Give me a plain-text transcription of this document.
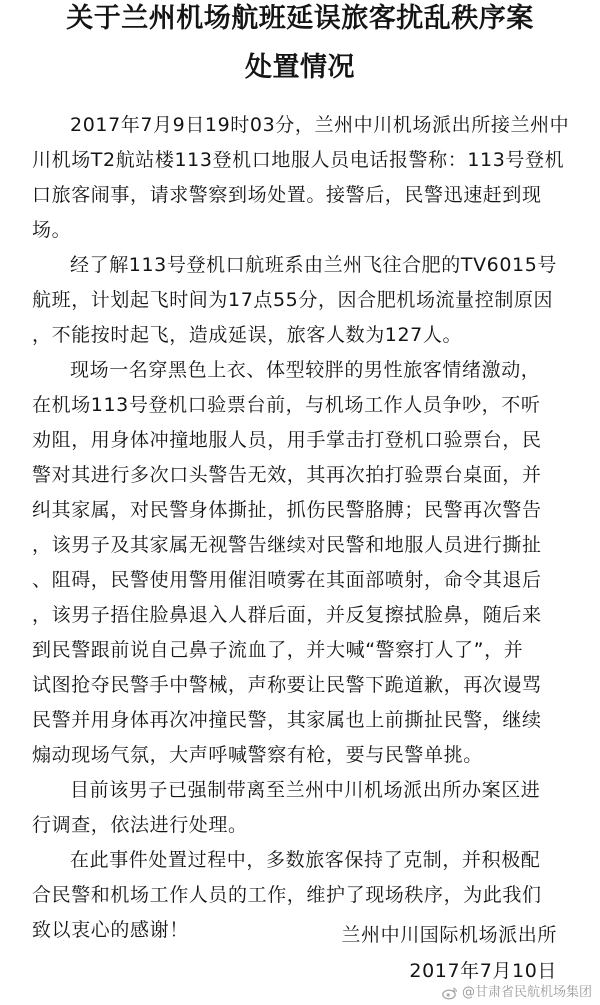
关于兰州机场航班延误旅客扰乱秩序案
处置情况
2017年7月9日19时03分，兰州中川机场派出所接兰州中
川机场T2航站楼113登机口地服人员电话报警称：113号登机
口旅客闹事，请求警察到场处置。接警后，民警迅速赶到现
场。
经了解113号登机口航班系由兰州飞往合肥的TV6015号
航班，计划起飞时间为17点55分，因合肥机场流量控制原因
，不能按时起飞，造成延误，旅客人数为127人。
现场一名穿黑色上衣、体型较胖的男性旅客情绪激动，
在机场113号登机口验票台前，与机场工作人员争吵，不听
劝阻，用身体冲撞地服人员，用手掌击打登机口验票台，民
警对其进行多次口头警告无效，其再次拍打验票台桌面，并
纠其家属，对民警身体撕扯，抓伤民警胳膊；民警再次警告
，该男子及其家属无视警告继续对民警和地服人员进行撕扯
、阻碍，民警使用警用催泪喷雾在其面部喷射，命令其退后
，该男子捂住脸鼻退入人群后面，并反复擦拭脸鼻，随后来
到民警跟前说自己鼻子流血了，并大喊“警察打人了”，并
试图抢夺民警手中警械，声称要让民警下跪道歉，再次谩骂
民警并用身体再次冲撞民警，其家属也上前撕扯民警，继续
煽动现场气氛，大声呼喊警察有枪，要与民警单挑。
目前该男子已强制带离至兰州中川机场派出所办案区进
行调查，依法进行处理。
在此事件处置过程中，多数旅客保持了克制，并积极配
合民警和机场工作人员的工作，维护了现场秩序，为此我们
致以衷心的感谢！	兰州中川国际机场派出所
2017年7月10日
@甘肃省民航机场集团
